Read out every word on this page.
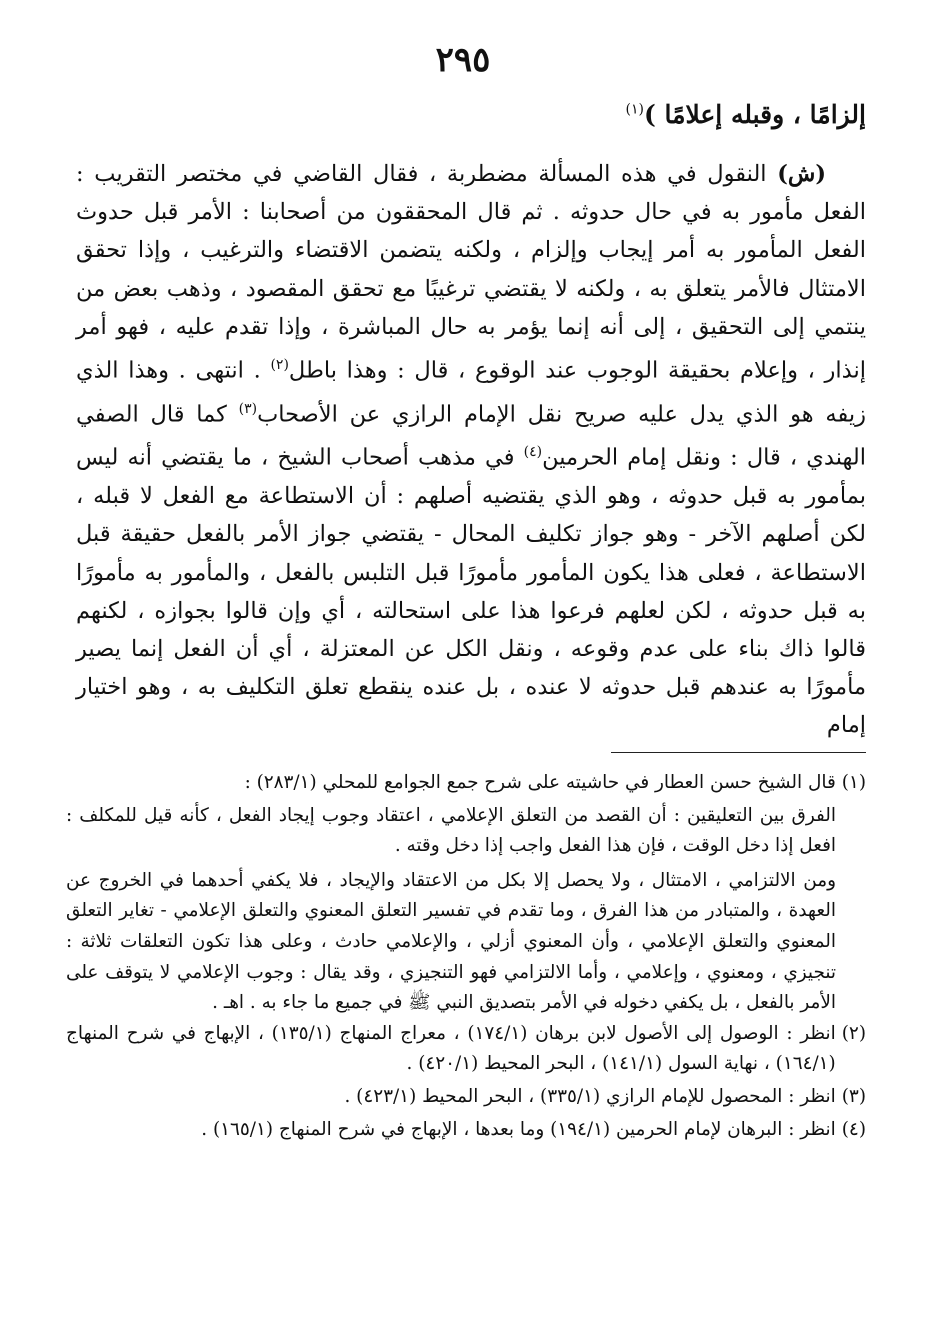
٢٩٥
إلزامًا ، وقبله إعلامًا )$^{(١)}$

(ش) النقول في هذه المسألة مضطربة ، فقال القاضي في مختصر التقريب : الفعل مأمور به في حال حدوثه . ثم قال المحققون من أصحابنا : الأمر قبل حدوث الفعل المأمور به أمر إيجاب وإلزام ، ولكنه يتضمن الاقتضاء والترغيب ، وإذا تحقق الامتثال فالأمر يتعلق به ، ولكنه لا يقتضي ترغيبًا مع تحقق المقصود ، وذهب بعض من ينتمي إلى التحقيق ، إلى أنه إنما يؤمر به حال المباشرة ، وإذا تقدم عليه ، فهو أمر إنذار ، وإعلام بحقيقة الوجوب عند الوقوع ، قال : وهذا باطل$^{(٢)}$ . انتهى . وهذا الذي زيفه هو الذي يدل عليه صريح نقل الإمام الرازي عن الأصحاب$^{(٣)}$ كما قال الصفي الهندي ، قال : ونقل إمام الحرمين$^{(٤)}$ في مذهب أصحاب الشيخ ، ما يقتضي أنه ليس بمأمور به قبل حدوثه ، وهو الذي يقتضيه أصلهم : أن الاستطاعة مع الفعل لا قبله ، لكن أصلهم الآخر - وهو جواز تكليف المحال - يقتضي جواز الأمر بالفعل حقيقة قبل الاستطاعة ، فعلى هذا يكون المأمور مأمورًا قبل التلبس بالفعل ، والمأمور به مأمورًا به قبل حدوثه ، لكن لعلهم فرعوا هذا على استحالته ، أي وإن قالوا بجوازه ، لكنهم قالوا ذاك بناء على عدم وقوعه ، ونقل الكل عن المعتزلة ، أي أن الفعل إنما يصير مأمورًا به عندهم قبل حدوثه لا عنده ، بل عنده ينقطع تعلق التكليف به ، وهو اختيار إمام

(١)
قال الشيخ حسن العطار في حاشيته على شرح جمع الجوامع للمحلي (٢٨٣/١) :
الفرق بين التعليقين : أن القصد من التعلق الإعلامي ، اعتقاد وجوب إيجاد الفعل ، كأنه قيل للمكلف : افعل إذا دخل الوقت ، فإن هذا الفعل واجب إذا دخل وقته .
ومن الالتزامي ، الامتثال ، ولا يحصل إلا بكل من الاعتقاد والإيجاد ، فلا يكفي أحدهما في الخروج عن العهدة ، والمتبادر من هذا الفرق ، وما تقدم في تفسير التعلق المعنوي والتعلق الإعلامي - تغاير التعلق المعنوي والتعلق الإعلامي ، وأن المعنوي أزلي ، والإعلامي حادث ، وعلى هذا تكون التعلقات ثلاثة : تنجيزي ، ومعنوي ، وإعلامي ، وأما الالتزامي فهو التنجيزي ، وقد يقال : وجوب الإعلامي لا يتوقف على الأمر بالفعل ، بل يكفي دخوله في الأمر بتصديق النبي ﷺ في جميع ما جاء به . اهـ .
(٢)
انظر : الوصول إلى الأصول لابن برهان (١٧٤/١) ، معراج المنهاج (١٣٥/١) ، الإبهاج في شرح المنهاج (١٦٤/١) ، نهاية السول (١٤١/١) ، البحر المحيط (٤٢٠/١) .
(٣)
انظر : المحصول للإمام الرازي (٣٣٥/١) ، البحر المحيط (٤٢٣/١) .
(٤)
انظر : البرهان لإمام الحرمين (١٩٤/١) وما بعدها ، الإبهاج في شرح المنهاج (١٦٥/١) .
